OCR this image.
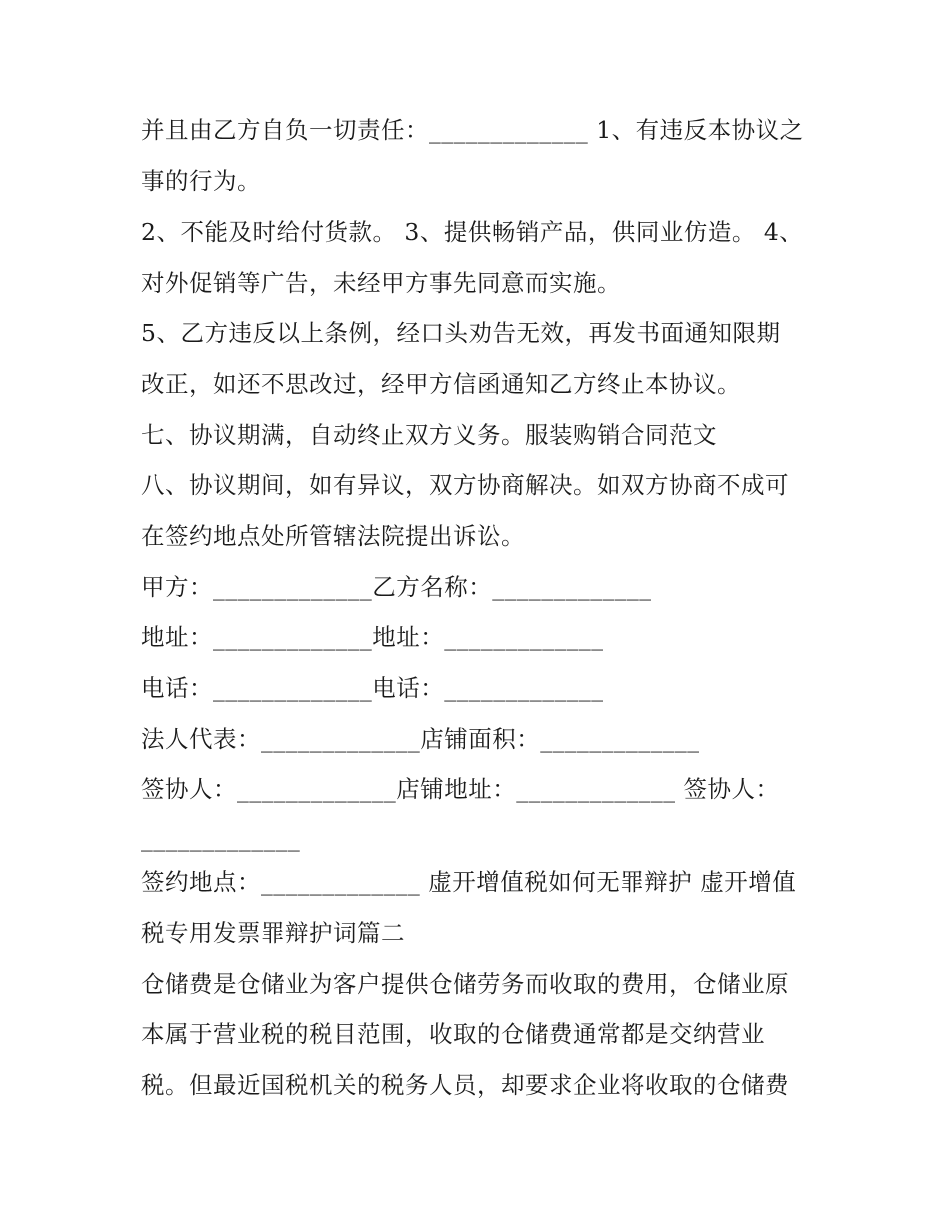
并且由乙方自负一切责任：_____________ 1、有违反本协议之
事的行为。
2、不能及时给付货款。 3、提供畅销产品，供同业仿造。 4、
对外促销等广告，未经甲方事先同意而实施。
5、乙方违反以上条例，经口头劝告无效，再发书面通知限期
改正，如还不思改过，经甲方信函通知乙方终止本协议。
七、协议期满，自动终止双方义务。服装购销合同范文
八、协议期间，如有异议，双方协商解决。如双方协商不成可
在签约地点处所管辖法院提出诉讼。
甲方：_____________乙方名称：_____________
地址：_____________地址：_____________
电话：_____________电话：_____________
法人代表：_____________店铺面积：_____________
签协人：_____________店铺地址：_____________ 签协人：
_____________
签约地点：_____________ 虚开增值税如何无罪辩护 虚开增值
税专用发票罪辩护词篇二
仓储费是仓储业为客户提供仓储劳务而收取的费用，仓储业原
本属于营业税的税目范围，收取的仓储费通常都是交纳营业
税。但最近国税机关的税务人员，却要求企业将收取的仓储费
